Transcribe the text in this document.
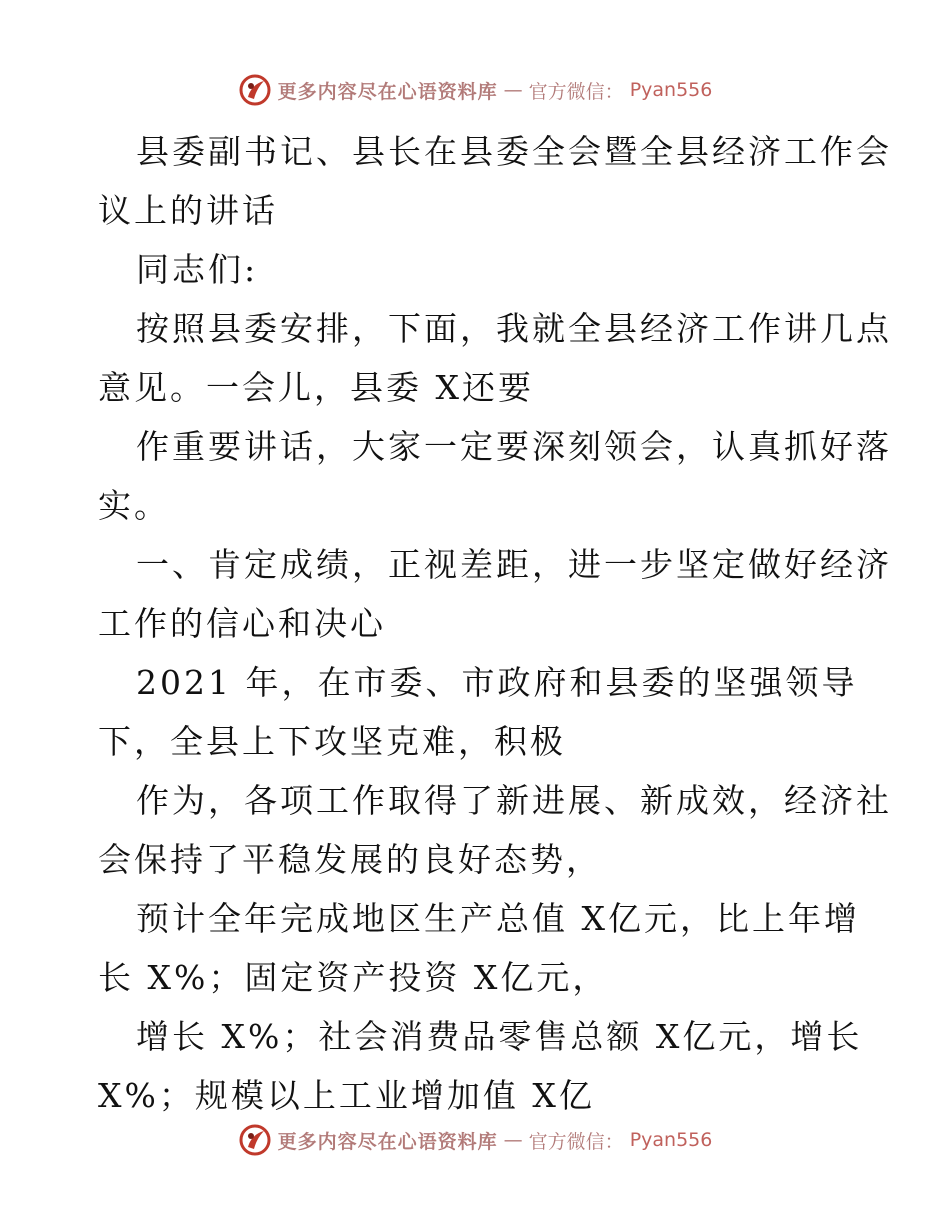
更多内容尽在心语资料库 — 官方微信： Pyan556
县委副书记、县长在县委全会暨全县经济工作会
议上的讲话
同志们:
按照县委安排，下面，我就全县经济工作讲几点
意见。一会儿，县委 X还要
作重要讲话，大家一定要深刻领会，认真抓好落
实。
一、肯定成绩，正视差距，进一步坚定做好经济
工作的信心和决心
2021 年，在市委、市政府和县委的坚强领导
下，全县上下攻坚克难，积极
作为，各项工作取得了新进展、新成效，经济社
会保持了平稳发展的良好态势，
预计全年完成地区生产总值 X亿元，比上年增
长 X%；固定资产投资 X亿元，
增长 X%；社会消费品零售总额 X亿元，增长
X%；规模以上工业增加值 X亿
更多内容尽在心语资料库 — 官方微信： Pyan556
